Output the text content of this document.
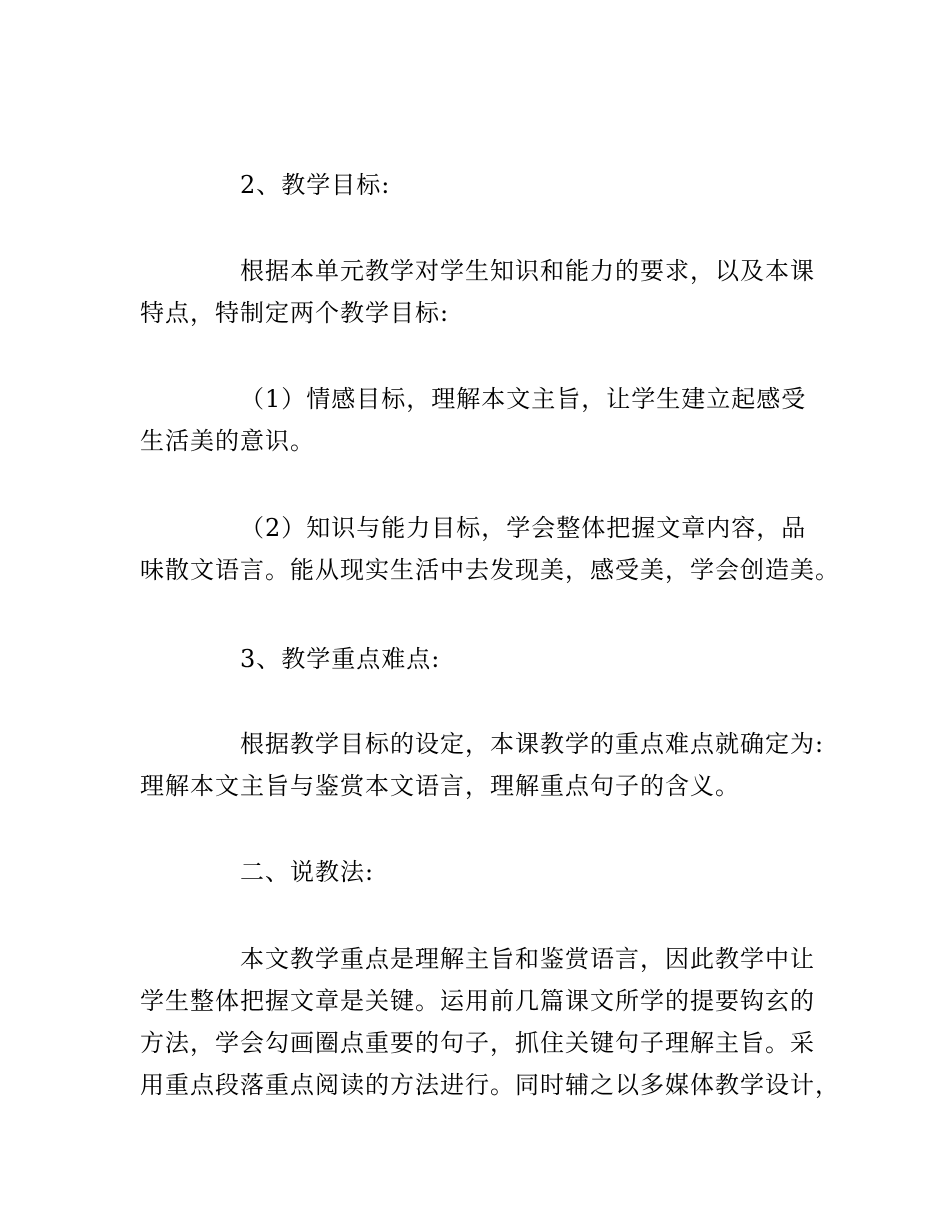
2、教学目标:
根据本单元教学对学生知识和能力的要求，以及本课
特点，特制定两个教学目标:
（1）情感目标，理解本文主旨，让学生建立起感受
生活美的意识。
（2）知识与能力目标，学会整体把握文章内容，品
味散文语言。能从现实生活中去发现美，感受美，学会创造美。
3、教学重点难点:
根据教学目标的设定，本课教学的重点难点就确定为:
理解本文主旨与鉴赏本文语言，理解重点句子的含义。
二、说教法:
本文教学重点是理解主旨和鉴赏语言，因此教学中让
学生整体把握文章是关键。运用前几篇课文所学的提要钩玄的
方法，学会勾画圈点重要的句子，抓住关键句子理解主旨。采
用重点段落重点阅读的方法进行。同时辅之以多媒体教学设计，
